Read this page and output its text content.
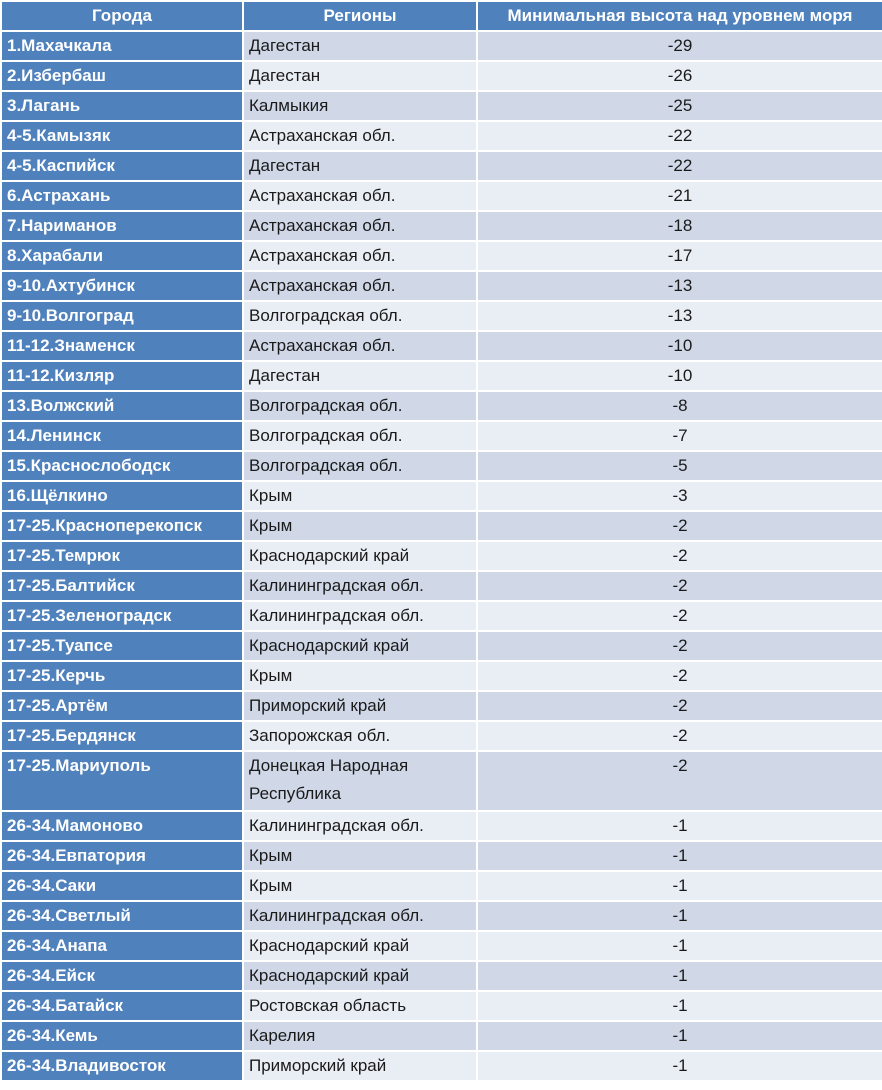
Города	Регионы	Минимальная высота над уровнем моря
1.Махачкала	Дагестан	-29
2.Избербаш	Дагестан	-26
3.Лагань	Калмыкия	-25
4-5.Камызяк	Астраханская обл.	-22
4-5.Каспийск	Дагестан	-22
6.Астрахань	Астраханская обл.	-21
7.Нариманов	Астраханская обл.	-18
8.Харабали	Астраханская обл.	-17
9-10.Ахтубинск	Астраханская обл.	-13
9-10.Волгоград	Волгоградская обл.	-13
11-12.Знаменск	Астраханская обл.	-10
11-12.Кизляр	Дагестан	-10
13.Волжский	Волгоградская обл.	-8
14.Ленинск	Волгоградская обл.	-7
15.Краснослободск	Волгоградская обл.	-5
16.Щёлкино	Крым	-3
17-25.Красноперекопск	Крым	-2
17-25.Темрюк	Краснодарский край	-2
17-25.Балтийск	Калининградская обл.	-2
17-25.Зеленоградск	Калининградская обл.	-2
17-25.Туапсе	Краснодарский край	-2
17-25.Керчь	Крым	-2
17-25.Артём	Приморский край	-2
17-25.Бердянск	Запорожская обл.	-2
17-25.Мариуполь	Донецкая Народная Республика	-2
26-34.Мамоново	Калининградская обл.	-1
26-34.Евпатория	Крым	-1
26-34.Саки	Крым	-1
26-34.Светлый	Калининградская обл.	-1
26-34.Анапа	Краснодарский край	-1
26-34.Ейск	Краснодарский край	-1
26-34.Батайск	Ростовская область	-1
26-34.Кемь	Карелия	-1
26-34.Владивосток	Приморский край	-1
